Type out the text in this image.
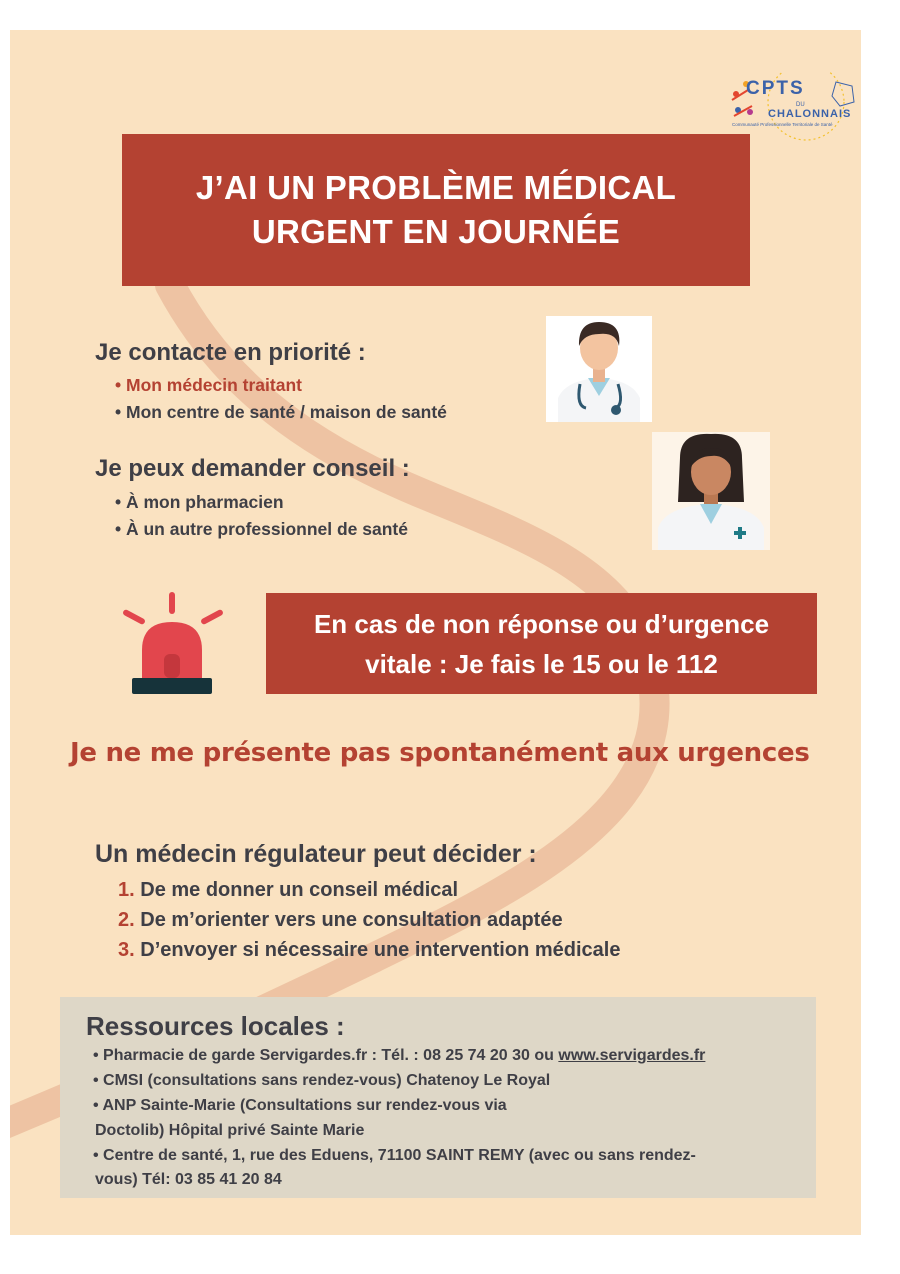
CPTS
DU
CHALONNAIS
Communauté Professionnelle Territoriale de Santé
J’AI UN PROBLÈME MÉDICAL
URGENT EN JOURNÉE
Je contacte en priorité :
• Mon médecin traitant
• Mon centre de santé / maison de santé
Je peux demander conseil :
• À mon pharmacien
• À un autre professionnel de santé
En cas de non réponse ou d’urgence
vitale : Je fais le 15 ou le 112
Je ne me présente pas spontanément aux urgences
Un médecin régulateur peut décider :
1. De me donner un conseil médical
2. De m’orienter vers une consultation adaptée
3. D’envoyer si nécessaire une intervention médicale
Ressources locales :
• Pharmacie de garde Servigardes.fr : Tél. : 08 25 74 20 30 ou www.servigardes.fr
• CMSI (consultations sans rendez-vous) Chatenoy Le Royal
• ANP Sainte-Marie (Consultations sur rendez-vous via
Doctolib) Hôpital privé Sainte Marie
• Centre de santé, 1, rue des Eduens, 71100 SAINT REMY (avec ou sans rendez-
vous) Tél: 03 85 41 20 84
